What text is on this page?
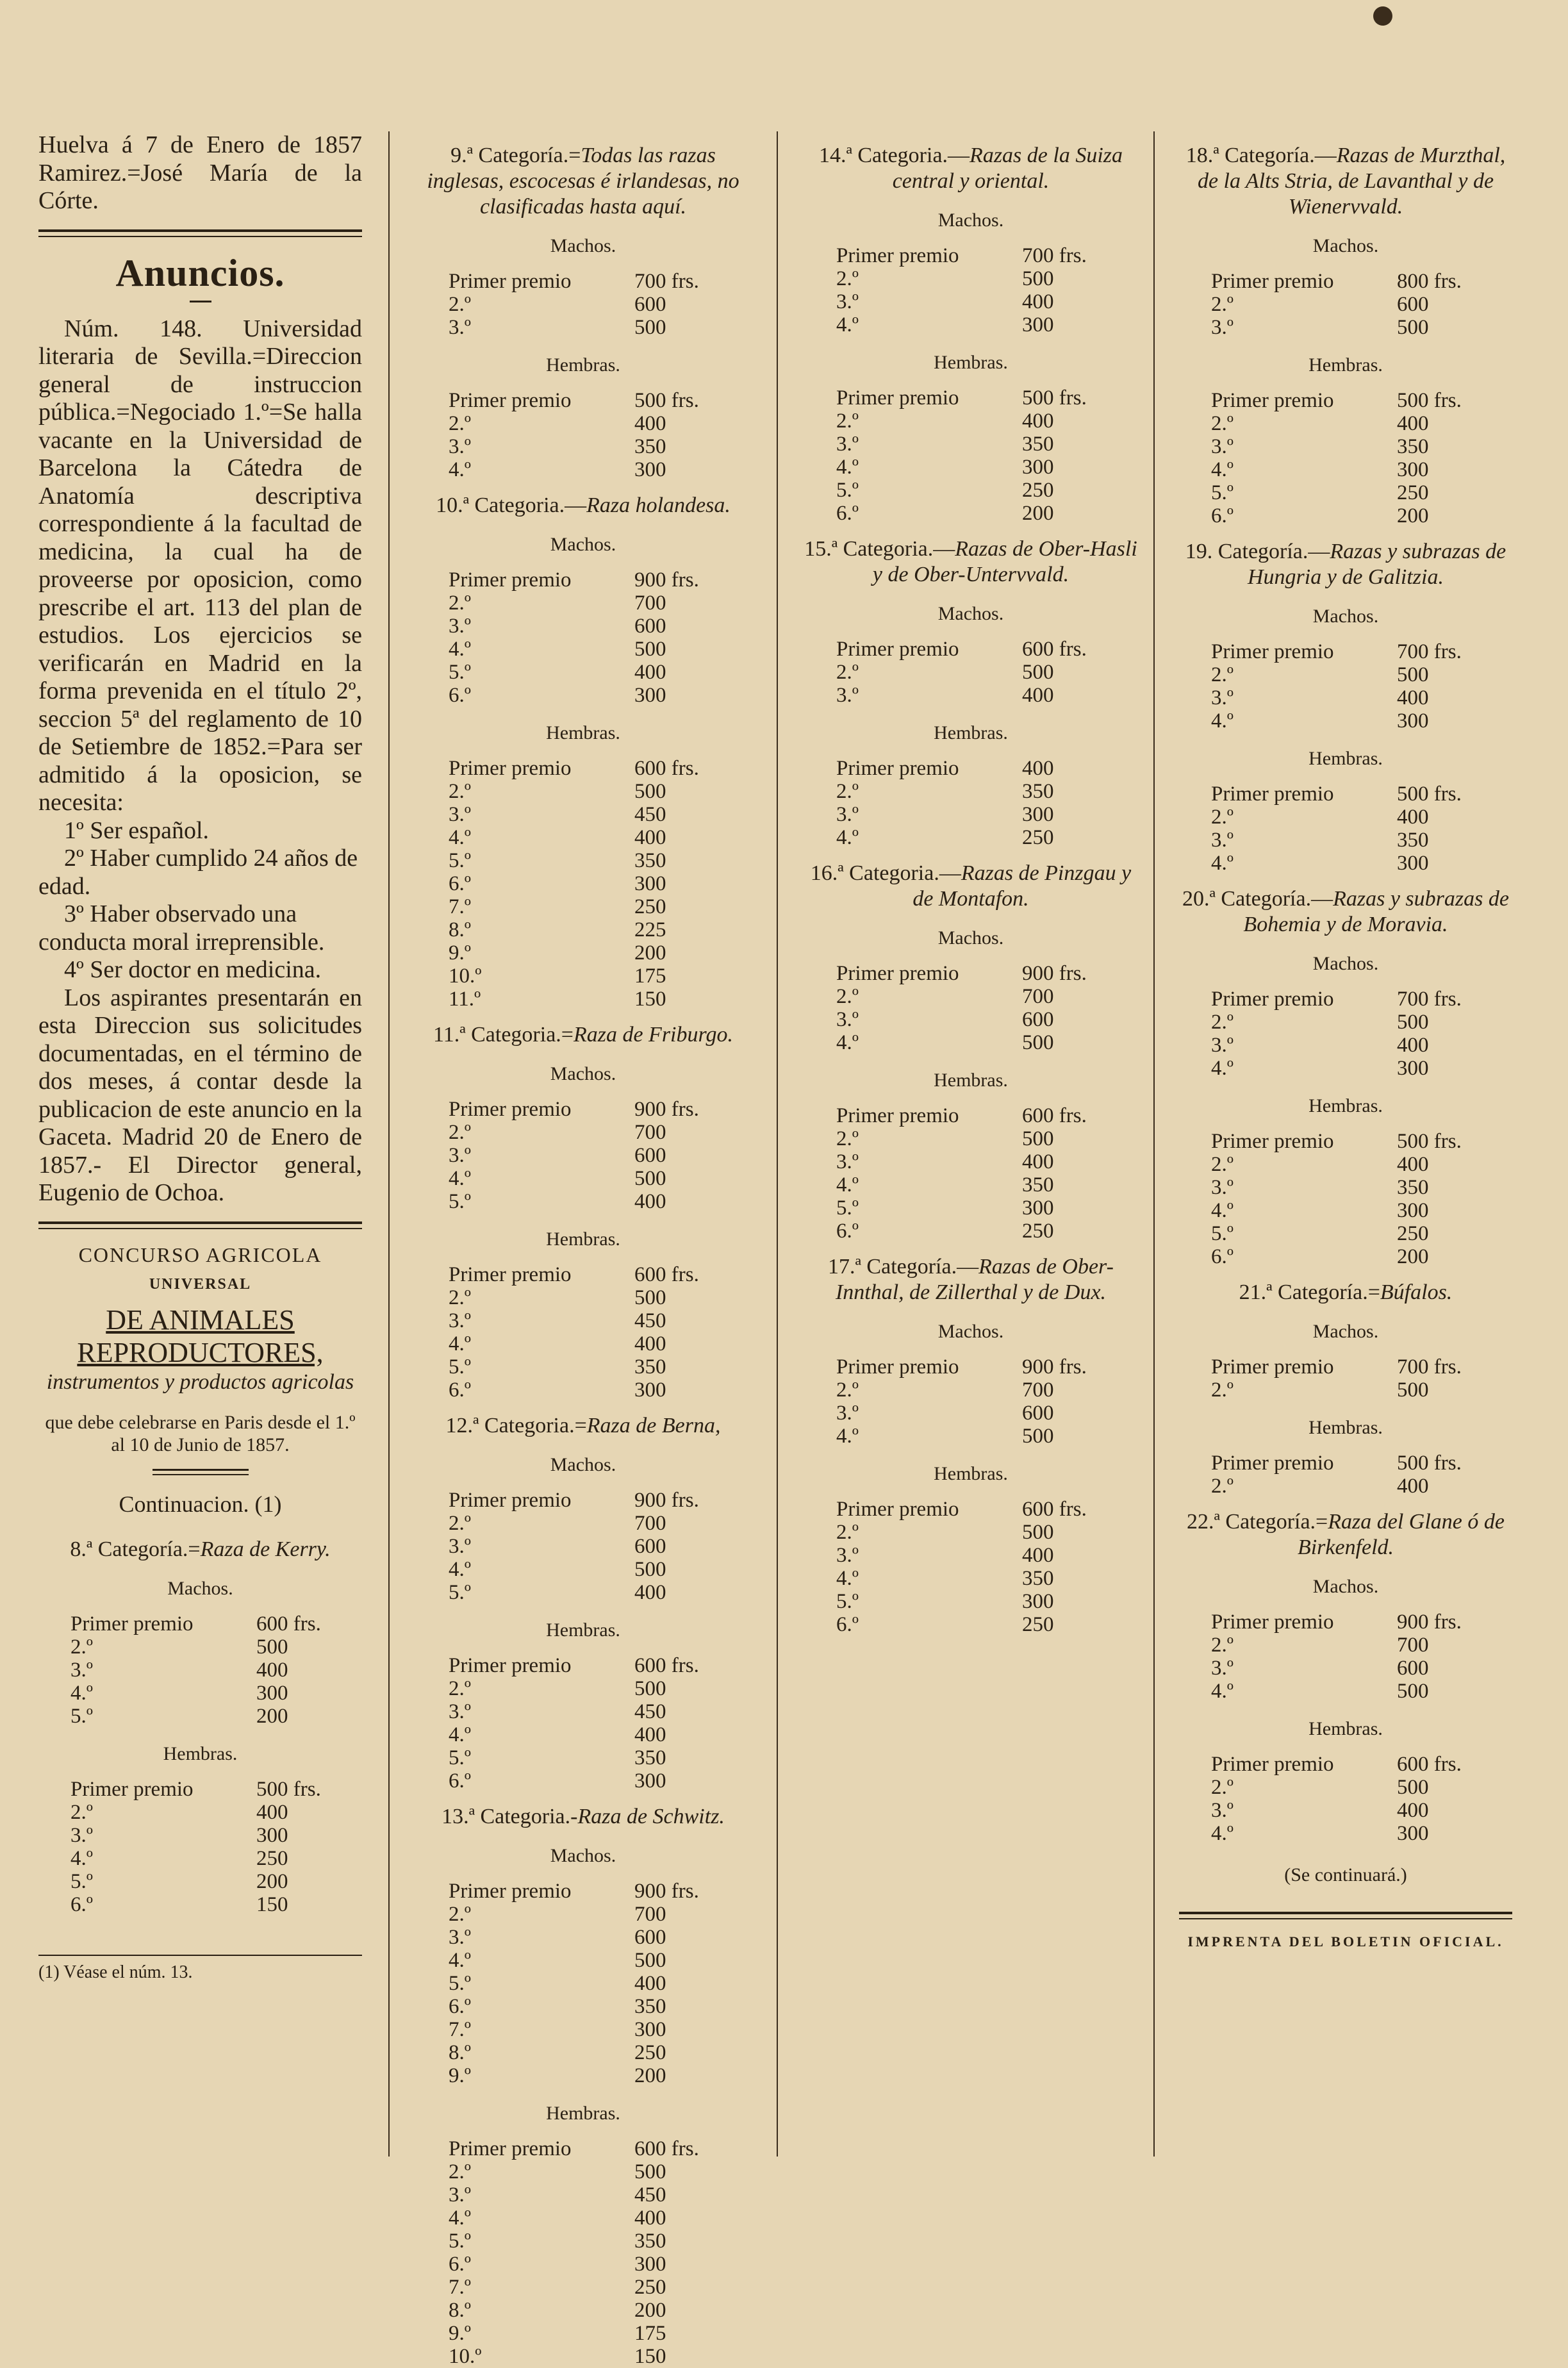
Huelva á 7 de Enero de 1857 Ramirez.=José María de la Córte.

Anuncios.

Núm. 148. Universidad literaria de Sevilla.=Direccion general de instruccion pública.=Negociado 1.º=Se halla vacante en la Universidad de Barcelona la Cátedra de Anatomía descriptiva correspondiente á la facultad de medicina, la cual ha de proveerse por oposicion, como prescribe el art. 113 del plan de estudios. Los ejercicios se verificarán en Madrid en la forma prevenida en el título 2º, seccion 5ª del reglamento de 10 de Setiembre de 1852.=Para ser admitido á la oposicion, se necesita:

1º Ser español.

2º Haber cumplido 24 años de edad.

3º Haber observado una conducta moral irreprensible.

4º Ser doctor en medicina.

Los aspirantes presentarán en esta Direccion sus solicitudes documentadas, en el término de dos meses, á contar desde la publicacion de este anuncio en la Gaceta. Madrid 20 de Enero de 1857.- El Director general, Eugenio de Ochoa.

CONCURSO AGRICOLA

UNIVERSAL

DE ANIMALES REPRODUCTORES,

instrumentos y productos agricolas

que debe celebrarse en Paris desde el 1.º al 10 de Junio de 1857.

Continuacion. (1)

8.ª Categoría.=Raza de Kerry.

Machos.

Primer premio		600 frs.
2.º		500
3.º		400
4.º		300
5.º		200

Hembras.

Primer premio		500 frs.
2.º		400
3.º		300
4.º		250
5.º		200
6.º		150

(1) Véase el núm. 13.

9.ª Categoría.=Todas las razas inglesas, escocesas é irlandesas, no clasificadas hasta aquí.

Machos.

Primer premio		700 frs.
2.º		600
3.º		500

Hembras.

Primer premio		500 frs.
2.º		400
3.º		350
4.º		300

10.ª Categoria.—Raza holandesa.

Machos.

Primer premio		900 frs.
2.º		700
3.º		600
4.º		500
5.º		400
6.º		300

Hembras.

Primer premio		600 frs.
2.º		500
3.º		450
4.º		400
5.º		350
6.º		300
7.º		250
8.º		225
9.º		200
10.º		175
11.º		150

11.ª Categoria.=Raza de Friburgo.

Machos.

Primer premio		900 frs.
2.º		700
3.º		600
4.º		500
5.º		400

Hembras.

Primer premio		600 frs.
2.º		500
3.º		450
4.º		400
5.º		350
6.º		300

12.ª Categoria.=Raza de Berna,

Machos.

Primer premio		900 frs.
2.º		700
3.º		600
4.º		500
5.º		400

Hembras.

Primer premio		600 frs.
2.º		500
3.º		450
4.º		400
5.º		350
6.º		300

13.ª Categoria.-Raza de Schwitz.

Machos.

Primer premio		900 frs.
2.º		700
3.º		600
4.º		500
5.º		400
6.º		350
7.º		300
8.º		250
9.º		200

Hembras.

Primer premio		600 frs.
2.º		500
3.º		450
4.º		400
5.º		350
6.º		300
7.º		250
8.º		200
9.º		175
10.º		150

14.ª Categoria.—Razas de la Suiza central y oriental.

Machos.

Primer premio		700 frs.
2.º		500
3.º		400
4.º		300

Hembras.

Primer premio		500 frs.
2.º		400
3.º		350
4.º		300
5.º		250
6.º		200

15.ª Categoria.—Razas de Ober-Hasli y de Ober-Untervvald.

Machos.

Primer premio		600 frs.
2.º		500
3.º		400

Hembras.

Primer premio		400
2.º		350
3.º		300
4.º		250

16.ª Categoria.—Razas de Pinzgau y de Montafon.

Machos.

Primer premio		900 frs.
2.º		700
3.º		600
4.º		500

Hembras.

Primer premio		600 frs.
2.º		500
3.º		400
4.º		350
5.º		300
6.º		250

17.ª Categoría.—Razas de Ober-Innthal, de Zillerthal y de Dux.

Machos.

Primer premio		900 frs.
2.º		700
3.º		600
4.º		500

Hembras.

Primer premio		600 frs.
2.º		500
3.º		400
4.º		350
5.º		300
6.º		250

18.ª Categoría.—Razas de Murzthal, de la Alts Stria, de Lavanthal y de Wienervvald.

Machos.

Primer premio		800 frs.
2.º		600
3.º		500

Hembras.

Primer premio		500 frs.
2.º		400
3.º		350
4.º		300
5.º		250
6.º		200

19. Categoría.—Razas y subrazas de Hungria y de Galitzia.

Machos.

Primer premio		700 frs.
2.º		500
3.º		400
4.º		300

Hembras.

Primer premio		500 frs.
2.º		400
3.º		350
4.º		300

20.ª Categoría.—Razas y subrazas de Bohemia y de Moravia.

Machos.

Primer premio		700 frs.
2.º		500
3.º		400
4.º		300

Hembras.

Primer premio		500 frs.
2.º		400
3.º		350
4.º		300
5.º		250
6.º		200

21.ª Categoría.=Búfalos.

Machos.

Primer premio		700 frs.
2.º		500

Hembras.

Primer premio		500 frs.
2.º		400

22.ª Categoría.=Raza del Glane ó de Birkenfeld.

Machos.

Primer premio		900 frs.
2.º		700
3.º		600
4.º		500

Hembras.

Primer premio		600 frs.
2.º		500
3.º		400
4.º		300

(Se continuará.)

IMPRENTA DEL BOLETIN OFICIAL.
